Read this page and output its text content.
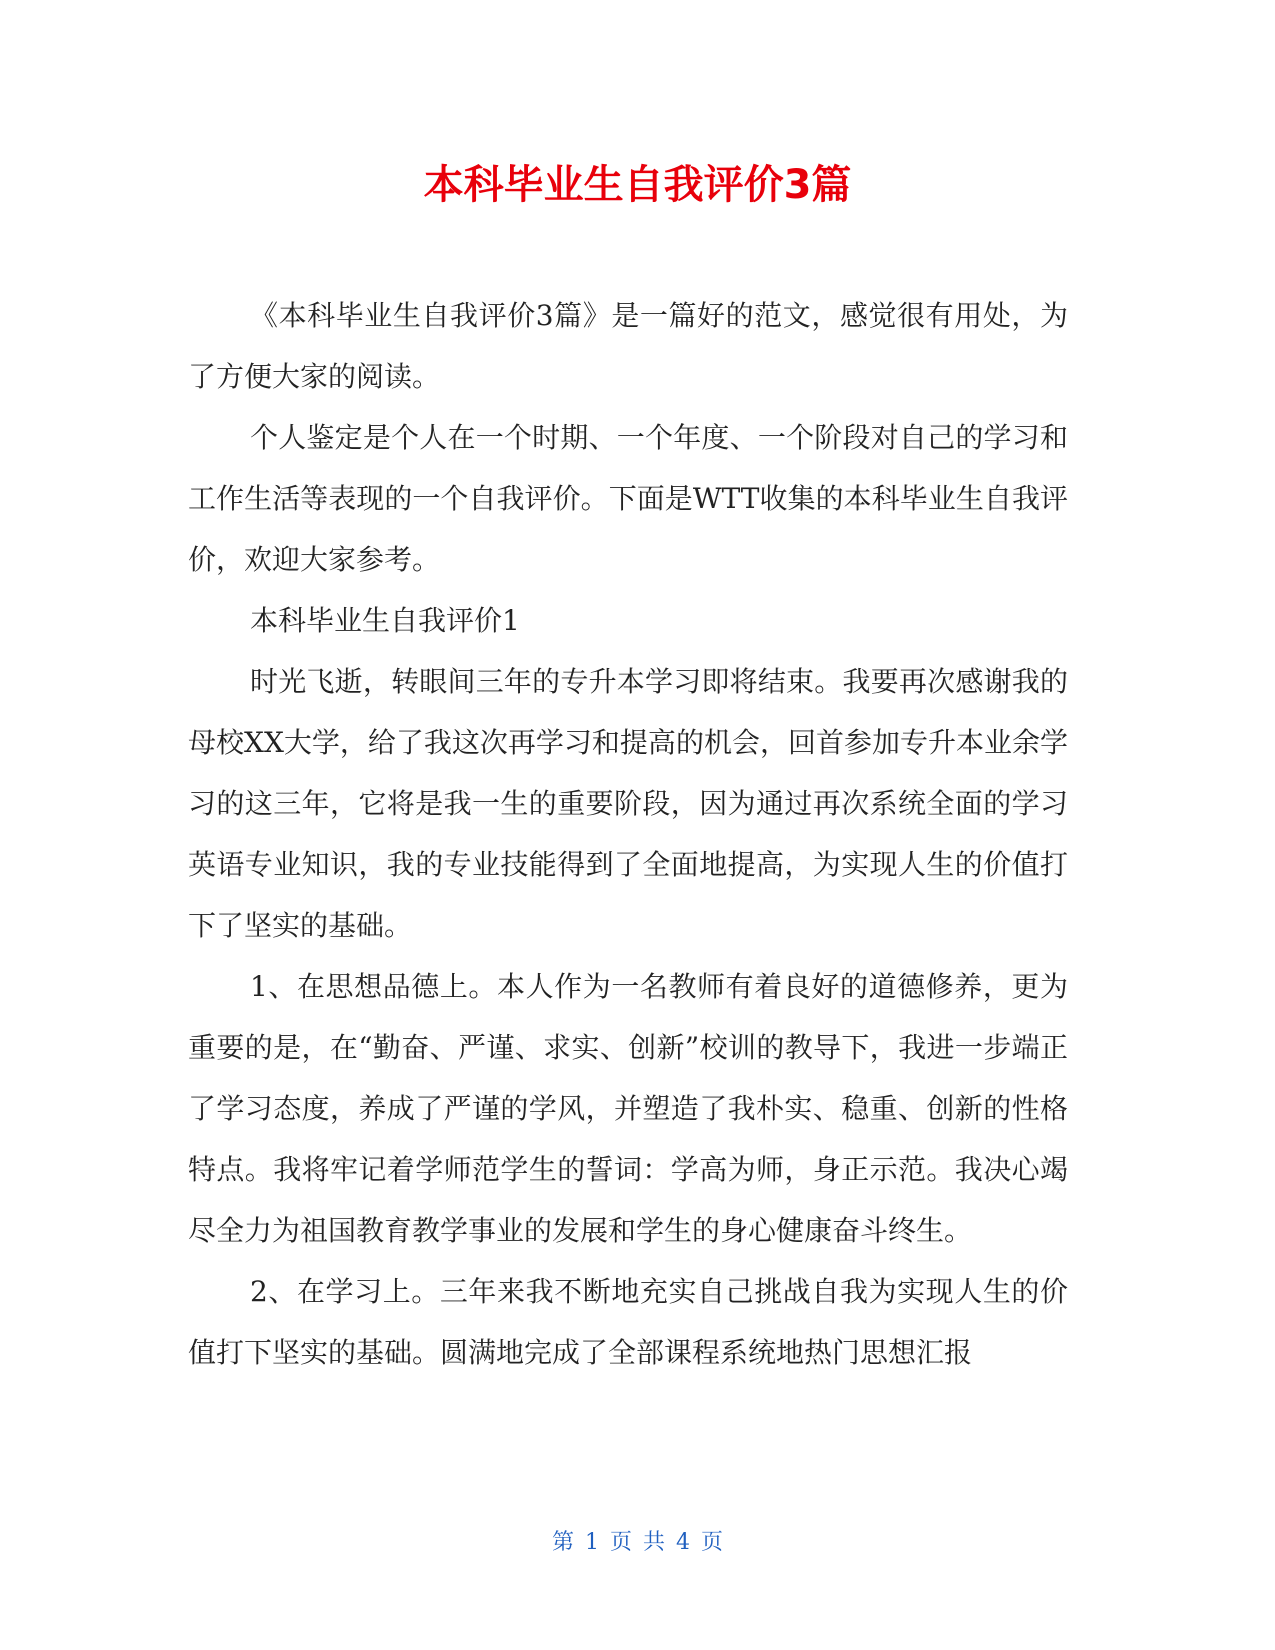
本科毕业生自我评价3篇

《本科毕业生自我评价3篇》是一篇好的范文，感觉很有用处，为了方便大家的阅读。

个人鉴定是个人在一个时期、一个年度、一个阶段对自己的学习和工作生活等表现的一个自我评价。下面是WTT收集的本科毕业生自我评价，欢迎大家参考。

本科毕业生自我评价1

时光飞逝，转眼间三年的专升本学习即将结束。我要再次感谢我的母校XX大学，给了我这次再学习和提高的机会，回首参加专升本业余学习的这三年，它将是我一生的重要阶段，因为通过再次系统全面的学习英语专业知识，我的专业技能得到了全面地提高，为实现人生的价值打下了坚实的基础。

1、在思想品德上。本人作为一名教师有着良好的道德修养，更为重要的是，在“勤奋、严谨、求实、创新”校训的教导下，我进一步端正了学习态度，养成了严谨的学风，并塑造了我朴实、稳重、创新的性格特点。我将牢记着学师范学生的誓词：学高为师，身正示范。我决心竭尽全力为祖国教育教学事业的发展和学生的身心健康奋斗终生。

2、在学习上。三年来我不断地充实自己挑战自我为实现人生的价值打下坚实的基础。圆满地完成了全部课程系统地热门思想汇报

第 1 页 共 4 页
